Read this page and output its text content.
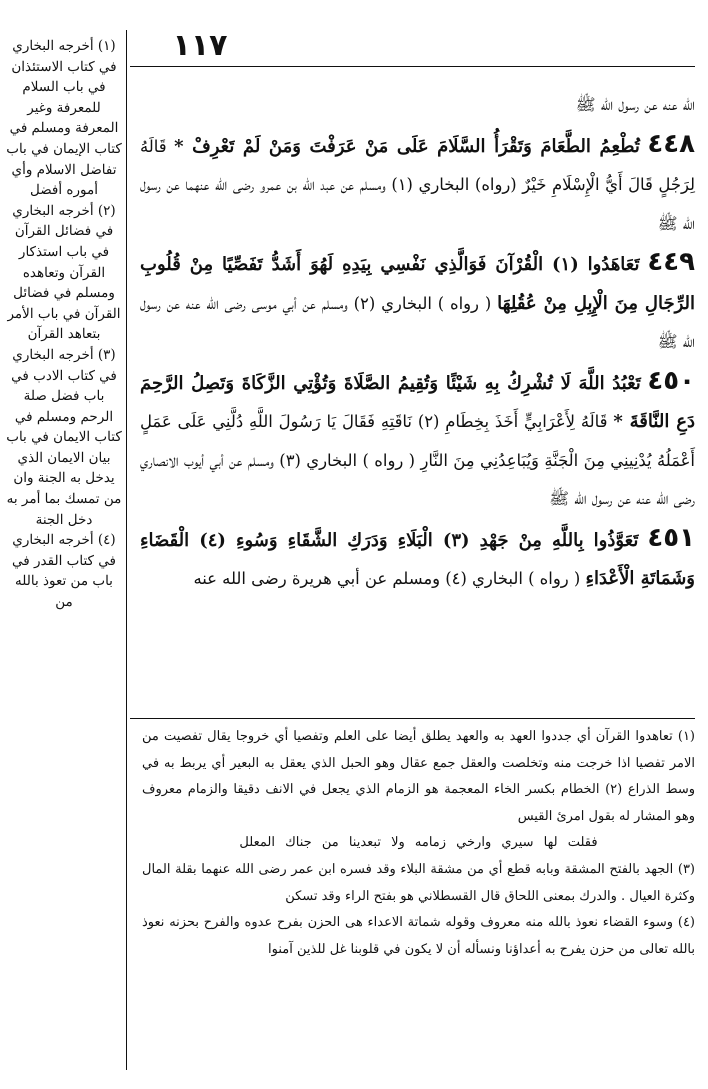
١١٧

(١) أخرجه البخاري في كتاب الاستئذان في باب السلام للمعرفة وغير المعرفة ومسلم في كتاب الإيمان في باب تفاضل الاسلام وأي أموره أفضل

(٢) أخرجه البخاري في فضائل القرآن في باب استذكار القرآن وتعاهده ومسلم في فضائل القرآن في باب الأمر بتعاهد القرآن

(٣) أخرجه البخاري في كتاب الادب في باب فضل صلة الرحم ومسلم في كتاب الايمان في باب بيان الايمان الذي يدخل به الجنة وان من تمسك بما أمر به دخل الجنة

(٤) أخرجه البخاري في كتاب القدر في باب من تعوذ بالله من

الله عنه عن رسول الله ﷺ

٤٤٨ تُطْعِمُ الطَّعَامَ وَتَقْرَأُ السَّلَامَ عَلَى مَنْ عَرَفْتَ وَمَنْ لَمْ تَعْرِفْ * قَالَهُ لِرَجُلٍ قَالَ أَيُّ الْإِسْلَامِ خَيْرٌ (رواه) البخاري (١) ومسلم عن عبد الله بن عمرو رضى الله عنهما عن رسول الله ﷺ

٤٤٩ تَعَاهَدُوا (١) الْقُرْآنَ فَوَالَّذِي نَفْسِي بِيَدِهِ لَهُوَ أَشَدُّ تَفَصِّيًا مِنْ قُلُوبِ الرِّجَالِ مِنَ الْإِبِلِ مِنْ عُقُلِهَا ( رواه ) البخاري (٢) ومسلم عن أبي موسى رضى الله عنه عن رسول الله ﷺ

٤٥٠ تَعْبُدُ اللَّهَ لَا تُشْرِكُ بِهِ شَيْئًا وَتُقِيمُ الصَّلَاةَ وَتُؤْتِي الزَّكَاةَ وَتَصِلُ الرَّحِمَ دَعِ النَّاقَةَ * قَالَهُ لِأَعْرَابِيٍّ أَخَذَ بِخِطَامِ (٢) نَاقَتِهِ فَقَالَ يَا رَسُولَ اللَّهِ دُلَّنِي عَلَى عَمَلٍ أَعْمَلُهُ يُدْنِينِي مِنَ الْجَنَّةِ وَيُبَاعِدُنِي مِنَ النَّارِ ( رواه ) البخاري (٣) ومسلم عن أبي أيوب الانصاري رضى الله عنه عن رسول الله ﷺ

٤٥١ تَعَوَّذُوا بِاللَّهِ مِنْ جَهْدِ (٣) الْبَلَاءِ وَدَرَكِ الشَّقَاءِ وَسُوءِ (٤) الْقَضَاءِ وَشَمَاتَةِ الْأَعْدَاءِ ( رواه ) البخاري (٤) ومسلم عن أبي هريرة رضى الله عنه

(١) تعاهدوا القرآن أي جددوا العهد به والعهد يطلق أيضا على العلم وتفصيا أي خروجا يقال تفصيت من الامر تفصيا اذا خرجت منه وتخلصت والعقل جمع عقال وهو الحبل الذي يعقل به البعير أي يربط به في وسط الذراع (٢) الخطام بكسر الخاء المعجمة هو الزمام الذي يجعل في الانف دقيقا والزمام معروف وهو المشار له بقول امرئ القيس

فقلت لها سيري وارخي زمامه ولا تبعدينا من جناك المعلل

(٣) الجهد بالفتح المشقة وبابه قطع أي من مشقة البلاء وقد فسره ابن عمر رضى الله عنهما بقلة المال وكثرة العيال . والدرك بمعنى اللحاق قال القسطلاني هو بفتح الراء وقد تسكن

(٤) وسوء القضاء نعوذ بالله منه معروف وقوله شماتة الاعداء هى الحزن بفرح عدوه والفرح بحزنه نعوذ بالله تعالى من حزن يفرح به أعداؤنا ونسأله أن لا يكون في قلوبنا غل للذين آمنوا
